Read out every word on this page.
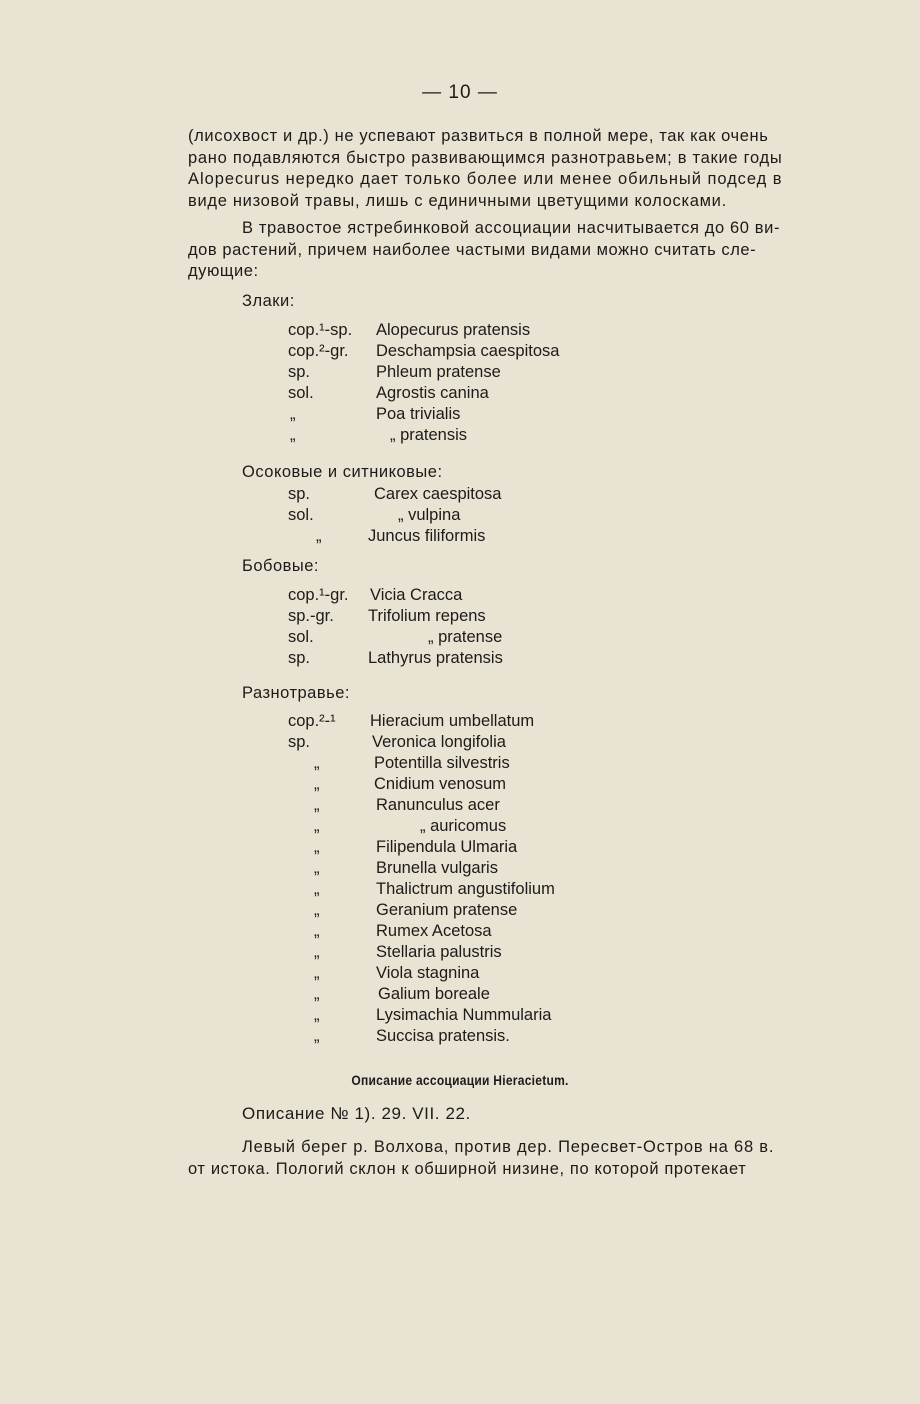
— 10 —
(лисохвост и др.) не успевают развиться в полной мере, так как очень
рано подавляются быстро развивающимся разнотравьем; в такие годы
Alopecurus нередко дает только более или менее обильный подсед в
виде низовой травы, лишь с единичными цветущими колосками.
В травостое ястребинковой ассоциации насчитывается до 60 ви-
дов растений, причем наиболее частыми видами можно считать сле-
дующие:
Злаки:
cop.¹-sp. Alopecurus pratensis
cop.²-gr. Deschampsia caespitosa
sp.	Phleum pratense
sol.	Agrostis canina
„	Poa trivialis
„	„ pratensis
Осоковые и ситниковые:
sp.	Carex caespitosa
sol.	„ vulpina
„	Juncus filiformis
Бобовые:
cop.¹-gr. Vicia Cracca
sp.-gr. Trifolium repens
sol.	„ pratense
sp.	Lathyrus pratensis
Разнотравье:
cop.²-¹ Hieracium umbellatum
sp.	Veronica longifolia
„	Potentilla silvestris
„	Cnidium venosum
„	Ranunculus acer
„	„ auricomus
„	Filipendula Ulmaria
„	Brunella vulgaris
„	Thalictrum angustifolium
„	Geranium pratense
„	Rumex Acetosa
„	Stellaria palustris
„	Viola stagnina
„	Galium boreale
„	Lysimachia Nummularia
„	Succisa pratensis.
Описание ассоциации Hieracietum.
Описание № 1). 29. VII. 22.
Левый берег р. Волхова, против дер. Пересвет-Остров на 68 в.
от истока. Пологий склон к обширной низине, по которой протекает
